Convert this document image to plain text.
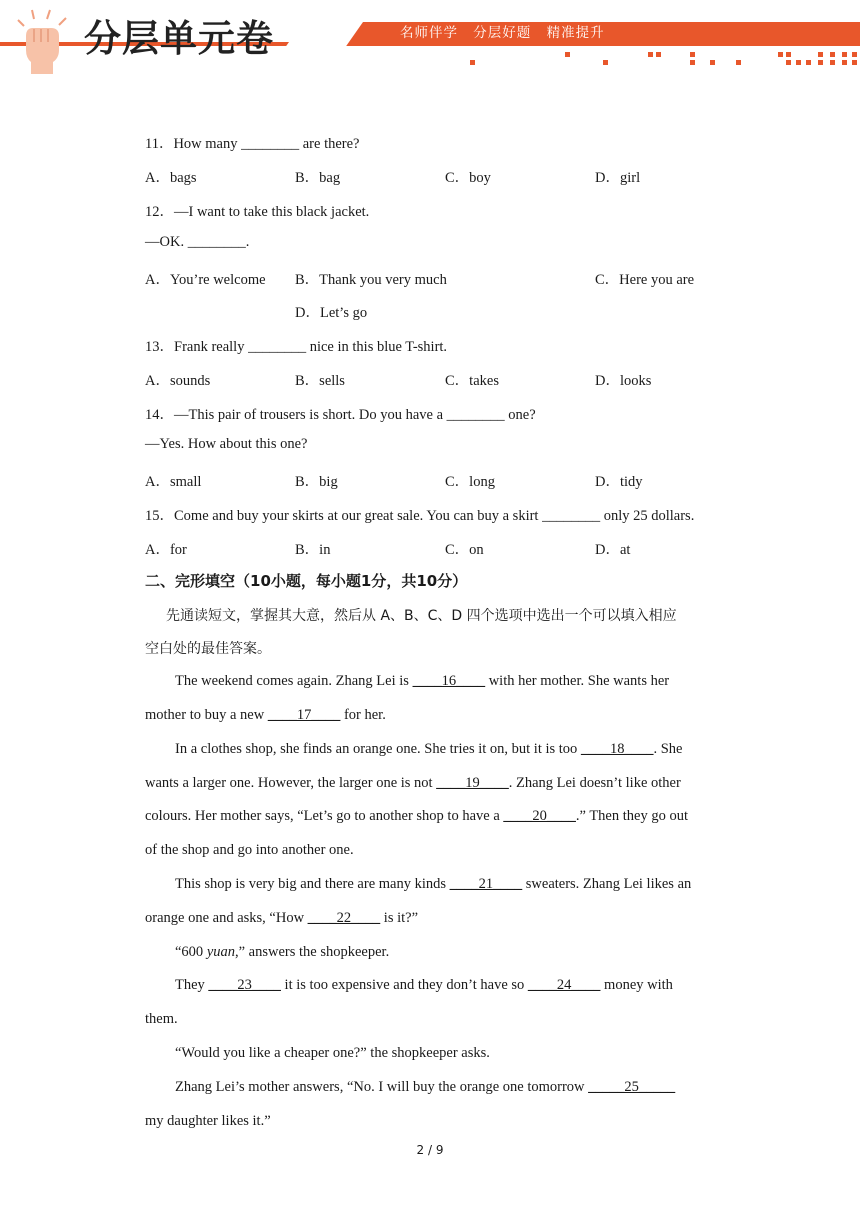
分层单元卷	名师伴学 分层好题 精准提升
11．How many ________ are there?
A．bags	B．bag	C．boy	D．girl
12．—I want to take this black jacket.
—OK. ________.
A．You’re welcome B．Thank you very much	C．Here you are
D．Let’s go
13．Frank really ________ nice in this blue T-shirt.
A．sounds	B．sells	C．takes	D．looks
14．—This pair of trousers is short. Do you have a ________ one?
—Yes. How about this one?
A．small	B．big	C．long	D．tidy
15．Come and buy your skirts at our great sale. You can buy a skirt ________ only 25 dollars.
A．for	B．in	C．on	D．at
二、完形填空（10小题，每小题1分，共10分）
先通读短文，掌握其大意，然后从 A、B、C、D 四个选项中选出一个可以填入相应
空白处的最佳答案。
The weekend comes again. Zhang Lei is ____16____ with her mother. She wants her
mother to buy a new ____17____ for her.
In a clothes shop, she finds an orange one. She tries it on, but it is too ____18____. She
wants a larger one. However, the larger one is not ____19____. Zhang Lei doesn’t like other
colours. Her mother says, “Let’s go to another shop to have a ____20____.” Then they go out
of the shop and go into another one.
This shop is very big and there are many kinds ____21____ sweaters. Zhang Lei likes an
orange one and asks, “How ____22____ is it?”
“600 yuan,” answers the shopkeeper.
They ____23____ it is too expensive and they don’t have so ____24____ money with
them.
“Would you like a cheaper one?” the shopkeeper asks.
Zhang Lei’s mother answers, “No. I will buy the orange one tomorrow _____25_____
my daughter likes it.”
2 / 9
